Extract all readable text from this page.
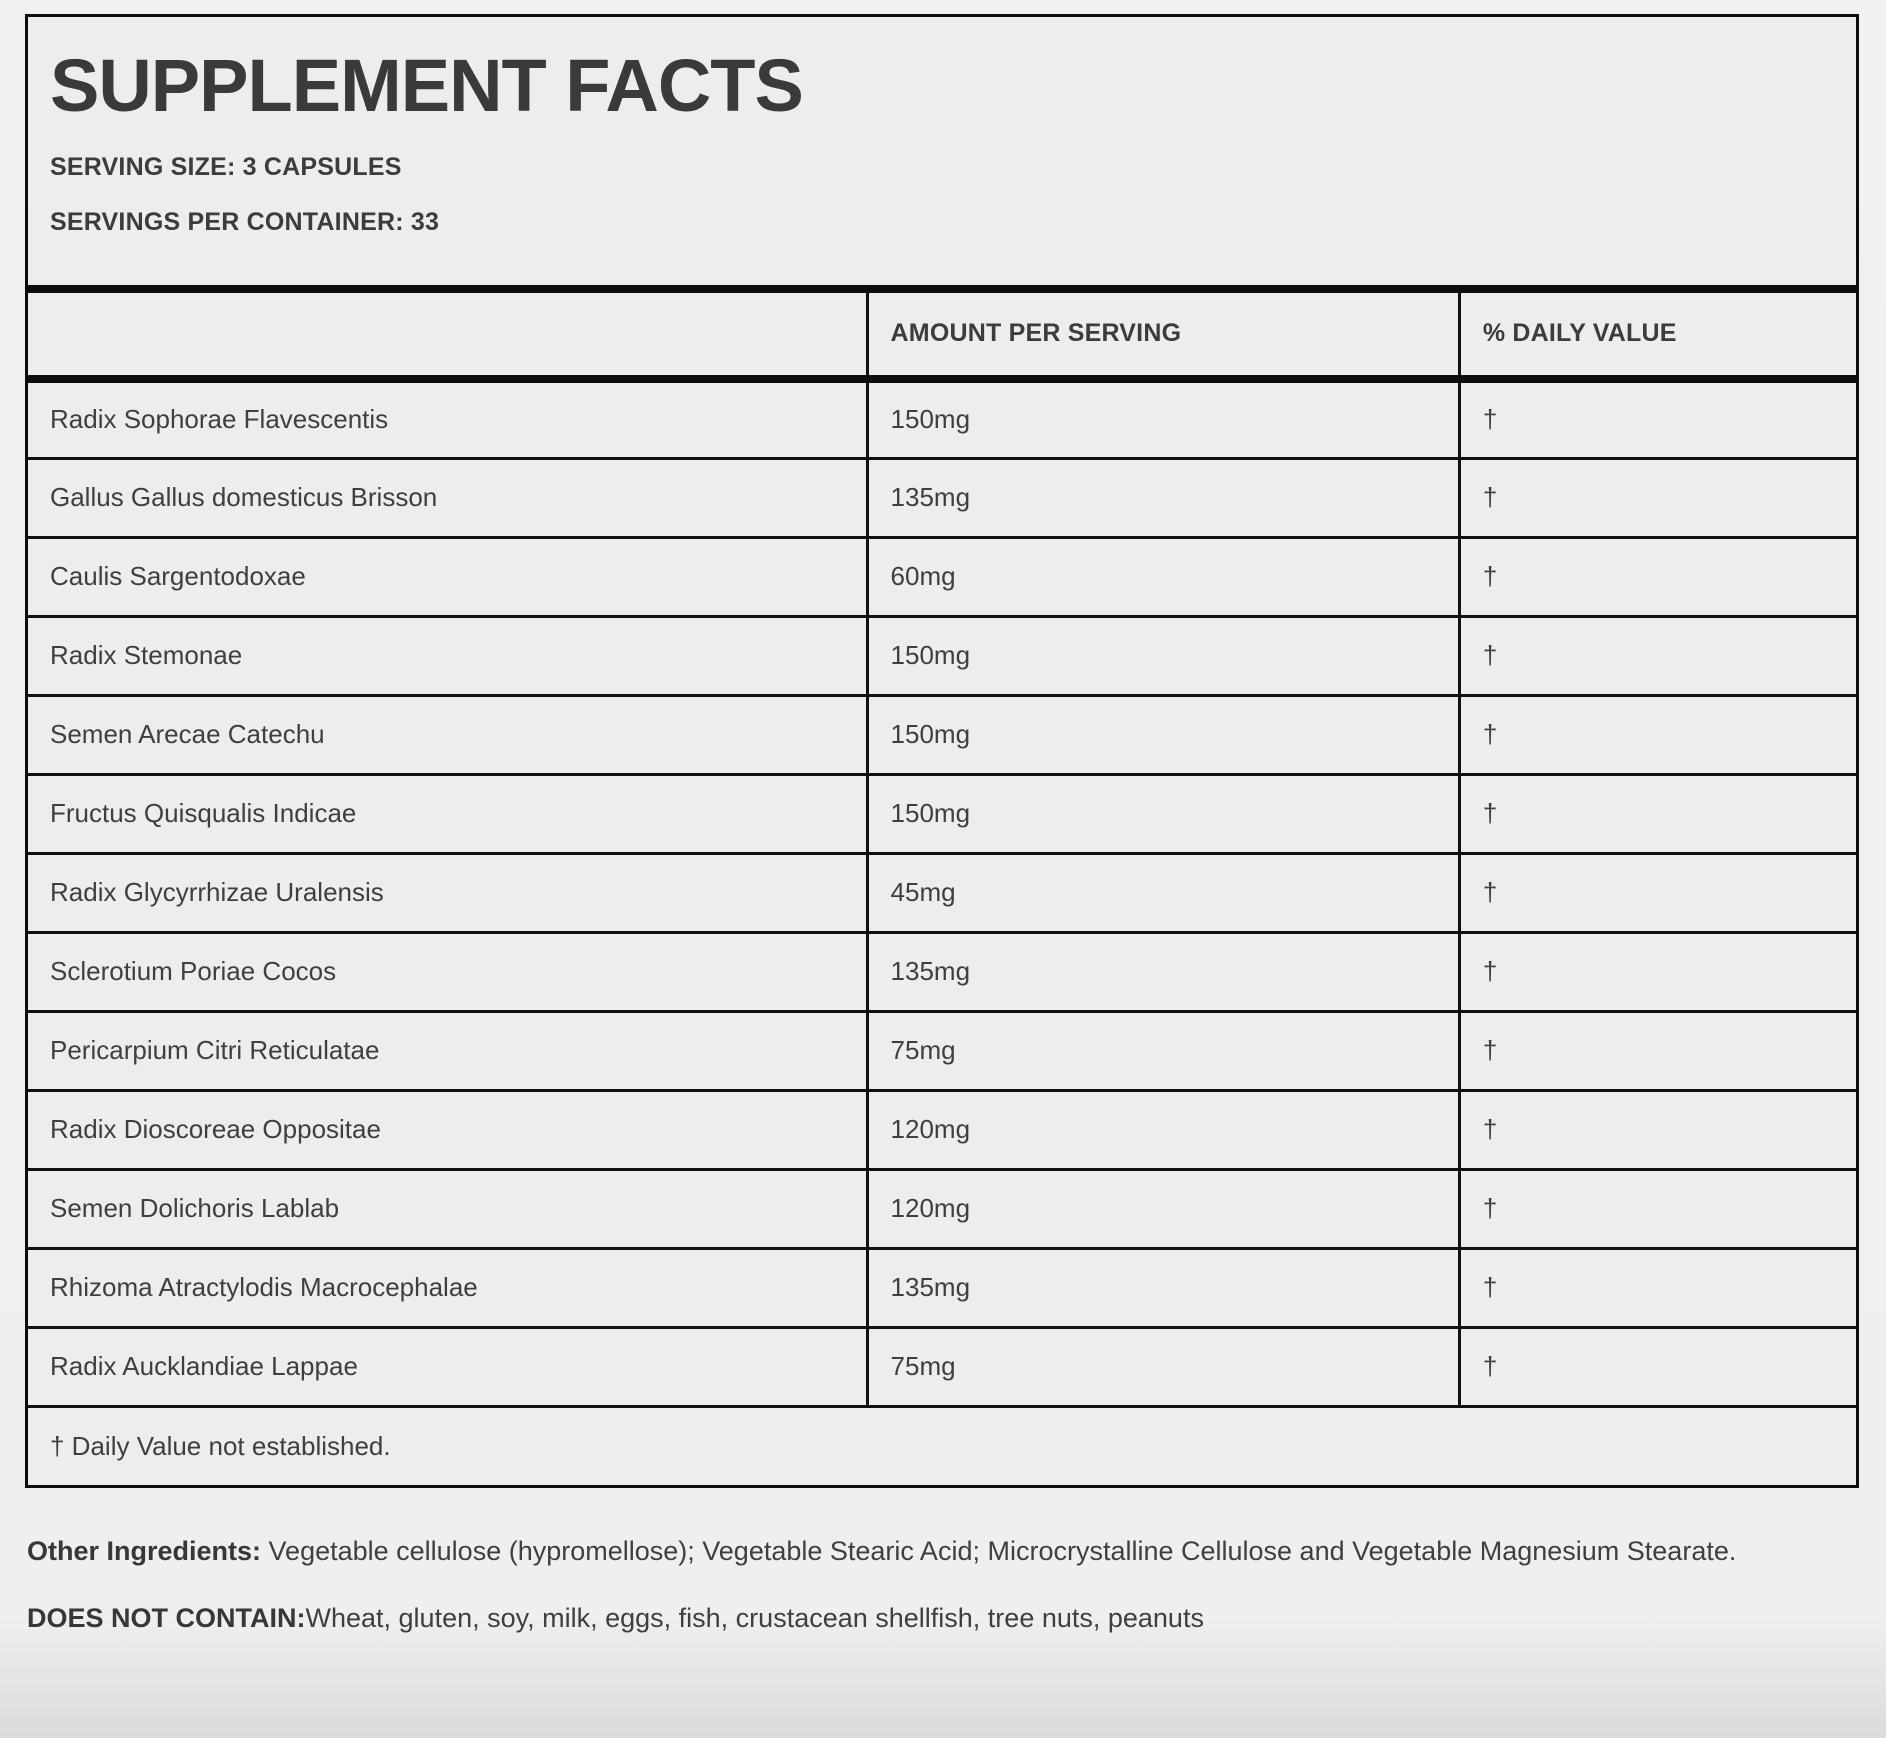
SUPPLEMENT FACTS

SERVING SIZE: 3 CAPSULES

SERVINGS PER CONTAINER: 33

	AMOUNT PER SERVING	% DAILY VALUE
Radix Sophorae Flavescentis	150mg	†
Gallus Gallus domesticus Brisson	135mg	†
Caulis Sargentodoxae	60mg	†
Radix Stemonae	150mg	†
Semen Arecae Catechu	150mg	†
Fructus Quisqualis Indicae	150mg	†
Radix Glycyrrhizae Uralensis	45mg	†
Sclerotium Poriae Cocos	135mg	†
Pericarpium Citri Reticulatae	75mg	†
Radix Dioscoreae Oppositae	120mg	†
Semen Dolichoris Lablab	120mg	†
Rhizoma Atractylodis Macrocephalae	135mg	†
Radix Aucklandiae Lappae	75mg	†
† Daily Value not established.		

Other Ingredients: Vegetable cellulose (hypromellose); Vegetable Stearic Acid; Microcrystalline Cellulose and Vegetable Magnesium Stearate.

DOES NOT CONTAIN:Wheat, gluten, soy, milk, eggs, fish, crustacean shellfish, tree nuts, peanuts
